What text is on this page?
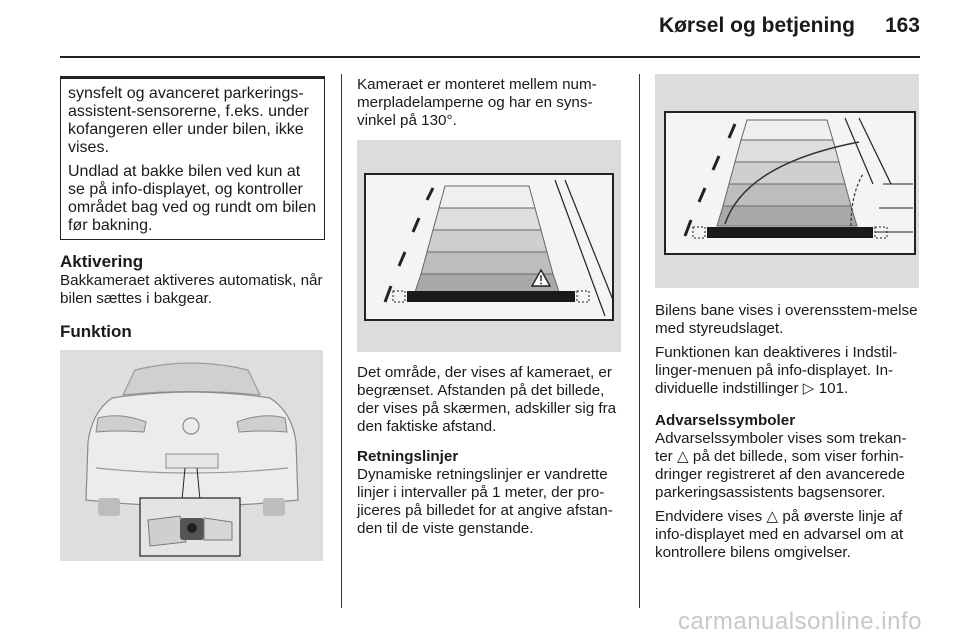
Kørsel og betjening 163

synsfelt og avanceret parkerings-assistent-sensorerne, f.eks. under kofangeren eller under bilen, ikke vises.

Undlad at bakke bilen ved kun at se på info-displayet, og kontroller området bag ved og rundt om bilen før bakning.

Aktivering

Bakkameraet aktiveres automatisk, når bilen sættes i bakgear.

Funktion

Kameraet er monteret mellem num-merpladelamperne og har en syns-vinkel på 130°.

Det område, der vises af kameraet, er begrænset. Afstanden på det billede, der vises på skærmen, adskiller sig fra den faktiske afstand.

Retningslinjer

Dynamiske retningslinjer er vandrette linjer i intervaller på 1 meter, der pro-jiceres på billedet for at angive afstan-den til de viste genstande.

Bilens bane vises i overensstem-melse med styreudslaget.

Funktionen kan deaktiveres i Indstil-linger-menuen på info-displayet. In-dividuelle indstillinger ▷ 101.

Advarselssymboler

Advarselssymboler vises som trekan-ter △ på det billede, som viser forhin-dringer registreret af den avancerede parkeringsassistents bagsensorer.

Endvidere vises △ på øverste linje af info-displayet med en advarsel om at kontrollere bilens omgivelser.

carmanualsonline.info
